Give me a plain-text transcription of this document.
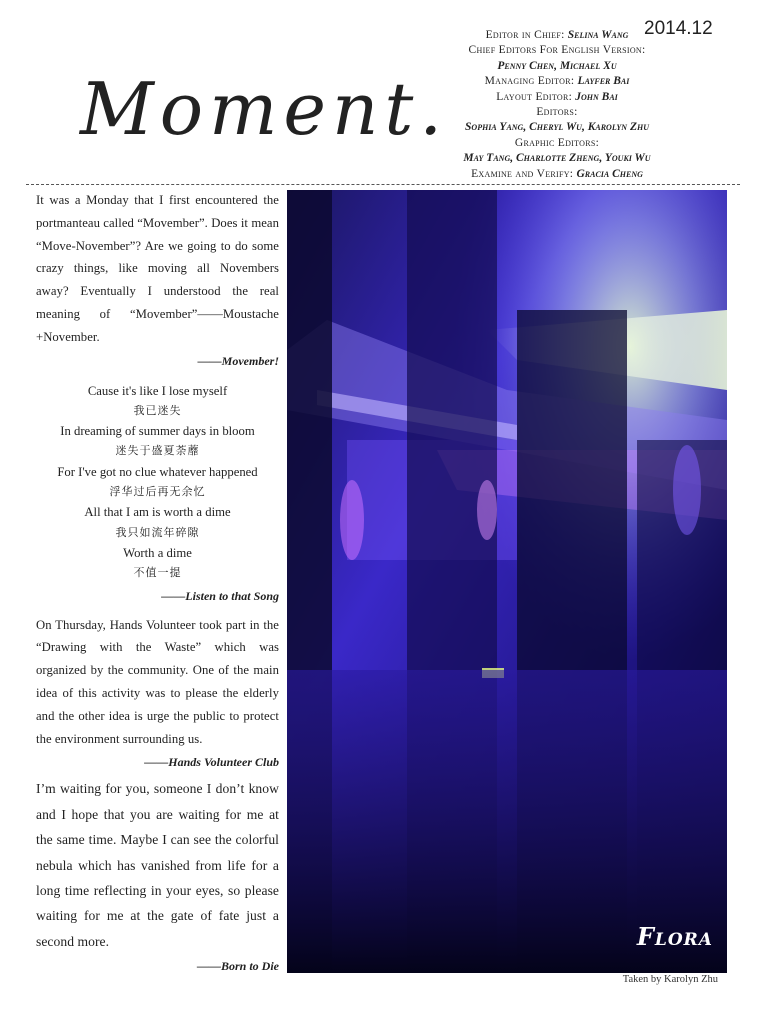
Moment.
2014.12
Editor in Chief: Selina Wang
Chief Editors For English Version:
Penny Chen, Michael Xu
Managing Editor: Layfer Bai
Layout Editor: John Bai
Editors:
Sophia Yang, Cheryl Wu, Karolyn Zhu
Graphic Editors:
May Tang, Charlotte Zheng, Youki Wu
Examine and Verify: Gracia Cheng

It was a Monday that I first encountered the portmanteau called “Movember”. Does it mean “Move-November”? Are we going to do some crazy things, like moving all Novembers away? Eventually I understood the real meaning of “Movember”——Moustache +November.

——Movember!
Cause it's like I lose myself
我已迷失
In dreaming of summer days in bloom
迷失于盛夏荼蘼
For I've got no clue whatever happened
浮华过后再无余忆
All that I am is worth a dime
我只如流年碎隙
Worth a dime
不值一提
——Listen to that Song

On Thursday, Hands Volunteer took part in the “Drawing with the Waste” which was organized by the community. One of the main idea of this activity was to please the elderly and the other idea is urge the public to protect the environment surrounding us.

——Hands Volunteer Club

I’m waiting for you, someone I don’t know and I hope that you are waiting for me at the same time. Maybe I can see the colorful nebula which has vanished from life for a long time reflecting in your eyes, so please waiting for me at the gate of fate just a second more.

——Born to Die
Flora
Taken by Karolyn Zhu
